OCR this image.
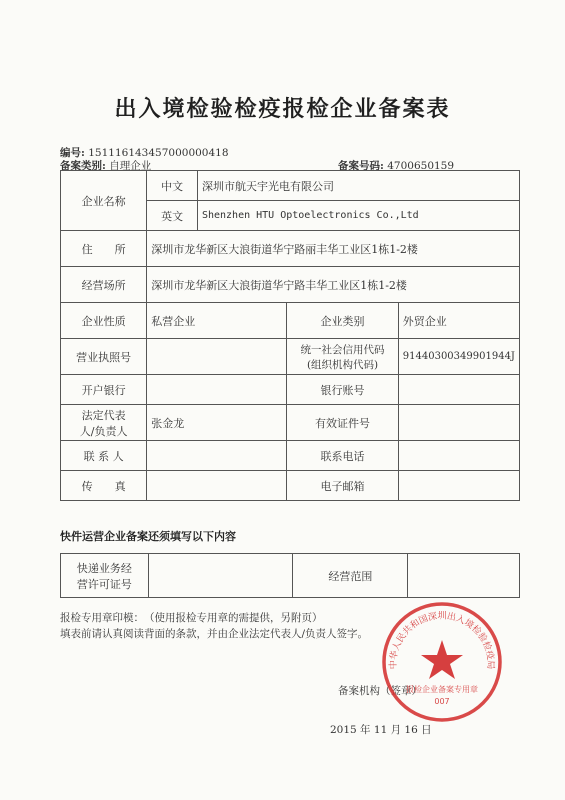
出入境检验检疫报检企业备案表
编号: 151116143457000000418
备案类别: 自理企业	备案号码: 4700650159
企业名称	中文	深圳市航天宇光电有限公司		
	英文	Shenzhen HTU Optoelectronics Co.,Ltd		
住　　所	深圳市龙华新区大浪街道华宁路丽丰华工业区1栋1-2楼			
经营场所	深圳市龙华新区大浪街道华宁路丰华工业区1栋1-2楼			
企业性质	私营企业		企业类别	外贸企业
营业执照号			统一社会信用代码
(组织机构代码)	91440300349901944J
开户银行			银行账号	
法定代表
人/负责人	张金龙		有效证件号	
联 系 人			联系电话	
传　　真			电子邮箱	
快件运营企业备案还须填写以下内容
快递业务经
营许可证号		经营范围	
报检专用章印模：　（使用报检专用章的需提供，另附页）
填表前请认真阅读背面的条款，并由企业法定代表人/负责人签字。
备案机构（签章）
2015 年 11 月 16 日
中华人民共和国深圳出入境检验检疫局
报检企业备案专用章
007
